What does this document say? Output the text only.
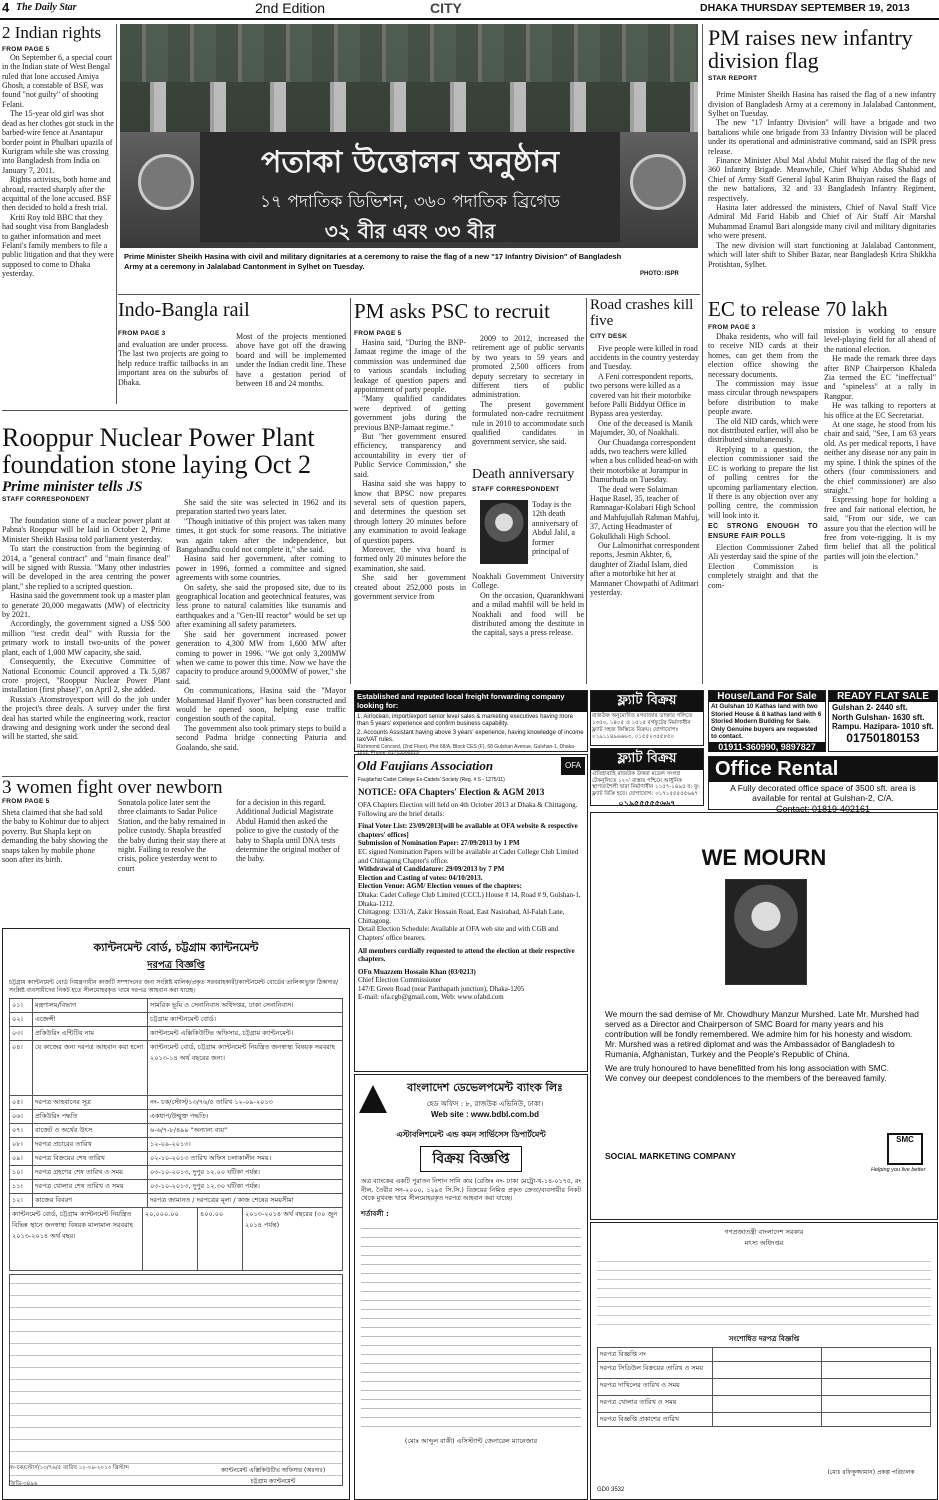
4 The Daily Star	2nd Edition	CITY	DHAKA THURSDAY SEPTEMBER 19, 2013
2 Indian rights
FROM PAGE 5

On September 6, a special court in the Indian state of West Bengal ruled that lone accused Amiya Ghosh, a constable of BSF, was found "not guilty" of shooting Felani.

The 15-year old girl was shot dead as her clothes got stuck in the barbed-wire fence at Anantapur border point in Phulbari upazila of Kurigram while she was crossing into Bangladesh from India on January 7, 2011.

Rights activists, both home and abroad, reacted sharply after the acquittal of the lone accused. BSF then decided to hold a fresh trial.

Kriti Roy told BBC that they had sought visa from Bangladesh to gather information and meet Felani's family members to file a public litigation and that they were supposed to come to Dhaka yesterday.

পতাকা উত্তোলন অনুষ্ঠান
১৭ পদাতিক ডিভিশন, ৩৬০ পদাতিক ব্রিগেড
৩২ বীর এবং ৩৩ বীর
Prime Minister Sheikh Hasina with civil and military dignitaries at a ceremony to raise the flag of a new "17 Infantry Division" of Bangladesh Army at a ceremony in Jalalabad Cantonment in Sylhet on Tuesday.
PHOTO: ISPR
PM raises new infantry division flag
STAR REPORT

Prime Minister Sheikh Hasina has raised the flag of a new infantry division of Bangladesh Army at a ceremony in Jalalabad Cantonment, Sylhet on Tuesday.

The new "17 Infantry Division" will have a brigade and two battalions while one brigade from 33 Infantry Division will be placed under its operational and administrative command, said an ISPR press release.

Finance Minister Abul Mal Abdul Muhit raised the flag of the new 360 Infantry Brigade. Meanwhile, Chief Whip Abdus Shahid and Chief of Army Staff General Iqbal Karim Bhuiyan raised the flags of the new battalions, 32 and 33 Bangladesh Infantry Regiment, respectively.

Hasina later addressed the ministers, Chief of Naval Staff Vice Admiral Md Farid Habib and Chief of Air Staff Air Marshal Muhammad Enamul Bari alongside many civil and military dignitaries who were present.

The new division will start functioning at Jalalabad Cantonment, which will later shift to Shiber Bazar, near Bangladesh Krira Shikkha Protishtan, Sylhet.

Indo-Bangla rail
FROM PAGE 3
and evaluation are under process. The last two projects are going to help reduce traffic tailbacks in an important area on the suburbs of Dhaka.
Most of the projects mentioned above have got off the drawing board and will be implemented under the Indian credit line. These have a gestation period of between 18 and 24 months.
PM asks PSC to recruit
FROM PAGE 5

Hasina said, "During the BNP-Jamaat regime the image of the commission was undermined due to various scandals including leakage of question papers and appointment of party people.

"Many qualified candidates were deprived of getting government jobs during the previous BNP-Jamaat regime."

But "her government ensured efficiency, transparency and accountability in every tier of Public Service Commission," she said.

Hasina said she was happy to know that BPSC now prepares several sets of question papers, and determines the question set through lottery 20 minutes before any examination to avoid leakage of question papers.

Moreover, the viva board is formed only 20 minutes before the examination, she said.

She said her government created about 252,000 posts in government service from

2009 to 2012, increased the retirement age of public servants by two years to 59 years and promoted 2,500 officers from deputy secretary to secretary in different tiers of public administration.

The present government formulated non-cadre recruitment rule in 2010 to accommodate such qualified candidates in government service, she said.

Death anniversary
STAFF CORRESPONDENT
Today is the 12th death anniversary of Abdul Jalil, a former principal of

Noakhali Government University College.

On the occasion, Quarankhwani and a milad mahfil will be held in Noakhali and food will be distributed among the destitute in the capital, says a press release.

Road crashes kill five
CITY DESK

Five people were killed in road accidents in the country yesterday and Tuesday.

A Feni correspondent reports, two persons were killed as a covered van hit their motorbike before Palli Biddyut Office in Bypass area yesterday.

One of the deceased is Manik Majumder, 30, of Noakhali.

Our Chuadanga correspondent adds, two teachers were killed when a bus collided head-on with their motorbike at Jorampur in Damurhuda on Tuesday.

The dead were Solaiman Haque Rasel, 35, teacher of Ramnagar-Kolabari High School and Mahfujullah Rahman Mahfuj, 37, Acting Headmaster of Gokulkhali High School.

Our Lalmonirhat correspondent reports, Jesmin Akhter, 6, daughter of Ziadul Islam, died after a motorbike hit her at Mannaner Chowpathi of Aditmari yesterday.

EC to release 70 lakh
FROM PAGE 3

Dhaka residents, who will fail to receive NID cards at their homes, can get them from the election office showing the necessary documents.

The commission may issue mass circular through newspapers before distribution to make people aware.

The old NID cards, which were not distributed earlier, will also be distributed simultaneously.

Replying to a question, the election commissioner said the EC is working to prepare the list of polling centres for the upcoming parliamentary election. If there is any objection over any polling centre, the commission will look into it.

EC STRONG ENOUGH TO ENSURE FAIR POLLS

Election Commissioner Zabed Ali yesterday said the spine of the Election Commission is completely straight and that the com-

mission is working to ensure level-playing field for all ahead of the national election.

He made the remark three days after BNP Chairperson Khaleda Zia termed the EC "ineffectual" and "spineless" at a rally in Rangpur.

He was talking to reporters at his office at the EC Secretariat.

At one stage, he stood from his chair and said, "See, I am 63 years old. As per medical reports, I have neither any disease nor any pain in my spine. I think the spines of the others (four commissioners and the chief commissioner) are also straight."

Expressing hope for holding a free and fair national election, he said, "From our side, we can assure you that the election will be free from vote-rigging. It is my firm belief that all the political parties will join the election."

Rooppur Nuclear Power Plant
foundation stone laying Oct 2
Prime minister tells JS
STAFF CORRESPONDENT

The foundation stone of a nuclear power plant at Pabna's Rooppur will be laid in October 2, Prime Minister Sheikh Hasina told parliament yesterday.

To start the construction from the beginning of 2014, a "general contract" and "main finance deal" will be signed with Russia. "Many other industries will be developed in the area centring the power plant," she replied to a scripted question.

Hasina said the government took up a master plan to generate 20,000 megawatts (MW) of electricity by 2021.

Accordingly, the government signed a US$ 500 million "test credit deal" with Russia for the primary work to install two-units of the power plant, each of 1,000 MW capacity, she said.

Consequently, the Executive Committee of National Economic Council approved a Tk 5,087 crore project, "Rooppur Nuclear Power Plant installation (first phase)", on April 2, she added.

Russia's Atomstroyexport will do the job under the project's three deals. A survey under the first deal has started while the engineering work, reactor drawing and designing work under the second deal will be started, she said.

She said the site was selected in 1962 and its preparation started two years later.

"Though initiative of this project was taken many times, it got stuck for some reasons. The initiative was again taken after the independence, but Bangabandhu could not complete it," she said.

Hasina said her government, after coming to power in 1996, formed a committee and signed agreements with some countries.

On safety, she said the proposed site, due to its geographical location and geotechnical features, was less prone to natural calamities like tsunamis and earthquakes and a "Gen-III reactor" would be set up after examining all safety parameters.

She said her government increased power generation to 4,300 MW from 1,600 MW after coming to power in 1996. "We got only 3,200MW when we came to power this time. Now we have the capacity to produce around 9,000MW of power," she said.

On communications, Hasina said the "Mayor Mohammad Hanif flyover" has been constructed and would be opened soon, helping ease traffic congestion south of the capital.

The government also took primary steps to build a second Padma bridge connecting Paturia and Goalando, she said.

3 women fight over newborn
FROM PAGE 5
Sheta claimed that she had sold the baby to Kohinur due to abject poverty. But Shapla kept on demanding the baby showing the snaps taken by mobile phone soon after its birth.
Sonatola police later sent the three claimants to Sadar Police Station, and the baby remained in police custody. Shapla breastfed the baby during their stay there at night. Failing to resolve the crisis, police yesterday went to court
for a decision in this regard. Additional Judicial Magistrate Abdul Hamid then asked the police to give the custody of the baby to Shapla until DNA tests determine the original mother of the baby.
Established and reputed local freight forwarding company looking for:
1. Air/ocean, import/export senior level sales & marketing executives having more than 5 years' experience and confirm business capability.
2. Accounts Assistant having above 3 years' experience, having knowledge of income tax/VAT rules.
Richmond Concord, (2nd Floor), Plot 68/A, Block CES (F), 68 Gulshan Avenue, Gulshan-1, Dhaka-1212, Phone: 01713300229
ফ্ল্যাট বিক্রয়
রাজউক অনুমোদিত মগবাজার ডাক্তার গলিতে ১৩৫০, ১৪০৫ ও ১৫১৫ বর্গফুটের নির্মাণাধীন ফ্ল্যাট সহজ কিস্তিতে বিক্রয়। যোগাযোগঃ ০১৯১১৪৯৬৬৬৩, ০১৫৫২৩৫৫৮৫০
ফ্ল্যাট বিক্রয়
ঐতিহ্যবাহি রাজউক উত্তরা মডেল সংলগ্ন টেকনুলিতে ১২০' রাস্তার পশ্চিমে আধুনিক স্থাপত্যশৈলী দ্বারা নির্মাণাধীন ১১৫৭-১৪৯৫ ব: ফু: ফ্ল্যাট বিক্রি হবে। যোগাযোগ: ০১৭১৫৫৫৫৫৬৬৭
০১৯৫৫৫৫৫৬৬৭
House/Land For Sale
At Gulshan 10 Kathas land with two Storied House & 8 kathas land with 6 Storied Modern Building for Sale. Only Genuine buyers are requested to contact.
01911-360990, 9897827
READY FLAT SALE
Gulshan 2- 2440 sft.
North Gulshan- 1630 sft.
Rampu. Hazipara- 1010 sft.
01750180153
Office Rental
A Fully decorated office space of 3500 sft. area is available for rental at Gulshan-2, C/A.
Contact: 01819-402161
Old Faujians Association	OFA
Faujdarhat Cadet College Ex-Cadets' Society (Reg. # S - 1275/11)
NOTICE: OFA Chapters' Election & AGM 2013
OFA Chapters Election will held on 4th October 2013 at Dhaka & Chittagong. Following are the brief details:
Final Voter List: 23/09/2013[will be available at OFA website & respective chapters' offices]
Submission of Nomination Paper: 27/09/2013 by 1 PM
EC signed Nomination Papers will be available at Cadet College Club Limited and Chittagong Chapter's office.
Withdrawal of Candidature: 29/09/2013 by 7 PM
Election and Casting of votes: 04/10/2013.
Election Venue: AGM/ Election venues of the chapters:
Dhaka: Cadet College Club Limited (CCCL) House # 14, Road # 9, Gulshan-1, Dhaka-1212.
Chittagong: 1331/A, Zakir Hossain Road, East Nasirabad, Al-Falah Lane, Chittagong.
Detail Election Schedule: Available at OFA web site and with CGB and Chapters' office bearers.
All members cordially requested to attend the election at their respective chapters.
OFn Muazzem Hossain Khan (03/0213)
Chief Election Commissioner
147/E Green Road (near Panthapath junction), Dhaka-1205
E-mail: ofa.cgb@gmail.com, Web: www.ofabd.com
WE MOURN
We mourn the sad demise of Mr. Chowdhury Manzur Murshed. Late Mr. Murshed had served as a Director and Chairperson of SMC Board for many years and his contribution will be fondly remembered. We admire him for his honesty and wisdom. Mr. Murshed was a retired diplomat and was the Ambassador of Bangladesh to Rumania, Afghanistan, Turkey and the People's Republic of China.
We are truly honoured to have benefitted from his long association with SMC.
We convey our deepest condolences to the members of the bereaved family.
SOCIAL MARKETING COMPANY
SMC
Helping you live better
বাংলাদেশ ডেভেলপমেন্ট ব্যাংক লিঃ
হেড অফিস : ৮, রাজউক এভিনিউ, ঢাকা।
Web site : www.bdbl.com.bd
এস্টাবলিশমেন্ট এন্ড কমন সার্ভিসেস ডিপার্টমেন্ট
বিক্রয় বিজ্ঞপ্তি
অত্র ব্যাংকের একটি পুরাতন নিশান সানি কার (রেজিঃ নং- ঢাকা মেট্রো-খ-১৪-০১৭৫, রং নীল, তৈরীর সন-২০০০, ১২৯৫ সি.সি.) বিক্রয়ের নিমিত্ত প্রকৃত ক্রেতা/ব্যবসায়ীর নিকট থেকে মুখবন্ধ খামে সীলমোহরকৃত দরপত্র আহবান করা যাচ্ছে।
শর্তাবলী :
(মোঃ আব্দুল বাকী) এসিস্ট্যান্ট জেনারেল ম্যানেজার
ক্যান্টনমেন্ট বোর্ড, চট্টগ্রাম ক্যান্টনমেন্ট
দরপত্র বিজ্ঞপ্তি
চট্টগ্রাম ক্যান্টনমেন্ট বোর্ড নিয়ন্ত্রণাধীন কাজটি সম্পাদনের জন্য সংশ্লিষ্ট মালিক/প্রকৃত সরবরাহকারী/ক্যান্টনমেন্ট বোর্ডের তালিকাভুক্ত ঠিকাদার/সংশ্লিষ্ট ব্যবসায়ীদের নিকট হতে সীলমোহরকৃত খামে দরপত্র আহবান করা যাচ্ছে।
০১।	মন্ত্রণালয়/বিভাগ	সামরিক ভূমি ও সেনানিবাস অধিদপ্তর, ঢাকা সেনানিবাস।
০২।	এজেন্সী	চট্টগ্রাম ক্যান্টনমেন্ট বোর্ড।
০৩।	প্রকিউরিং এন্টিটির নাম	ক্যান্টনমেন্ট এক্সিকিউটিভ অফিসার, চট্টগ্রাম ক্যান্টনমেন্ট।
০৪।	যে কাজের জন্য দরপত্র আহবান করা হলো	ক্যান্টনমেন্ট বোর্ড, চট্টগ্রাম ক্যান্টনমেন্ট নিয়ন্ত্রিত জনস্বাস্থ্য বিষয়ক সরবরাহ ২০১৩-১৪ অর্থ বছরের জন্য।
০৫।	দরপত্র আহবানের সূত্র	নং- চক/স্টোর্স/১৩/৭৬/৫ তারিখ ১২-০৯-২০১৩
০৬।	প্রকিউরিং পদ্ধতি	একধাপ/উন্মুক্ত পদ্ধতি।
০৭।	বাজেট ও অর্থের উৎস	৬-৬/৭-৮/৪৯৯ "অন্যান্য ব্যয়"
০৮।	দরপত্র প্রচারের তারিখ	১২-০৯-২০১৩।
০৯।	দরপত্র বিক্রয়ের শেষ তারিখ	০২-১০-২০১৩ তারিখ অফিস চলাকালীন সময়।
১০।	দরপত্র গ্রহণের শেষ তারিখ ও সময়	০৩-১০-২০১৩, দুপুর ১২.০০ ঘটিকা পর্যন্ত।
১১।	দরপত্র খোলার শেষ তারিখ ও সময়	০৩-১০-২০১৩, দুপুর ১২.৩০ ঘটিকা পর্যন্ত।
১২।	কাজের বিবরণ	দরপত্র জামানত / দরপত্রের মূল্য / কাজ শেষের সময়সীমা
ক্যান্টনমেন্ট বোর্ড, চট্টগ্রাম ক্যান্টনমেন্ট নিয়ন্ত্রিত বিভিন্ন স্থানে জনস্বাস্থ্য বিষয়ক মালামাল সরবরাহ ২০১৩-২০১৪ অর্থ বছর।	২০,০০০.০০	৪০০.০০	২০১৩-২০১৪ অর্থ বছরের (৩০ জুন ২০১৪ পর্যন্ত)
নং-চক/স্টোর্স/১৩/৭৬/৫ তারিখ ১২-০৯-২০১৩ খ্রিস্টাব্দ
জিডি-৩৪৯৬
ক্যান্টনমেন্ট এক্সিকিউটিভ অফিসার (অঃদাঃ)
চট্টগ্রাম ক্যান্টনমেন্ট
গণপ্রজাতন্ত্রী বাংলাদেশ সরকার
মৎস্য অধিদপ্তর
সংশোধিত দরপত্র বিজ্ঞপ্তি
দরপত্র বিজ্ঞপ্তি নং		
দরপত্র সিডিউল বিক্রয়ের তারিখ ও সময়		
দরপত্র দাখিলের তারিখ ও সময়		
দরপত্র খোলার তারিখ ও সময়		
দরপত্র বিজ্ঞপ্তি প্রকাশের তারিখ		
(মোঃ রফিকুজ্জামান) প্রকল্প পরিচালক
GD0 3532
